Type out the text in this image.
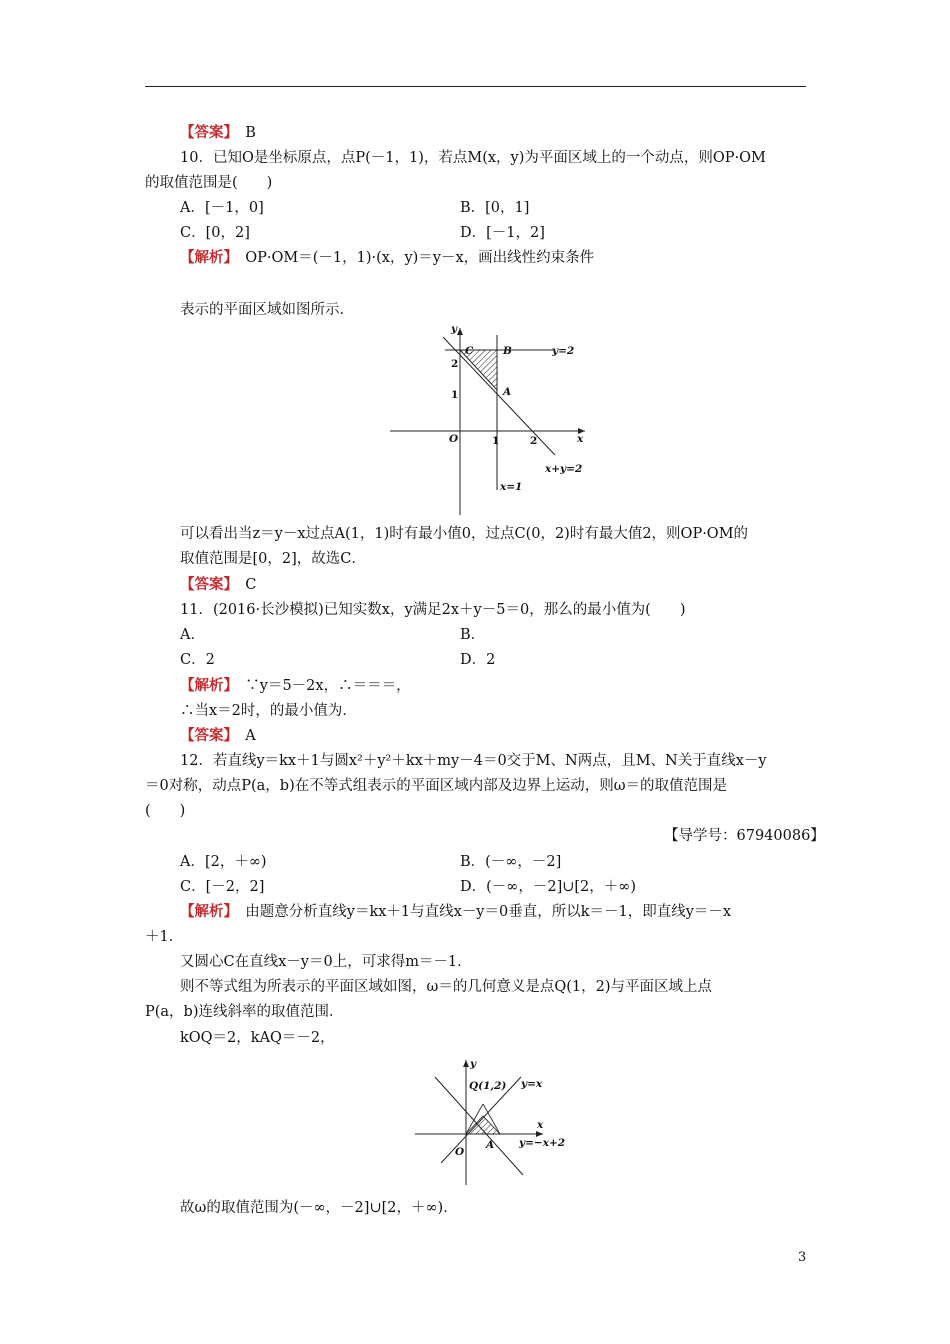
【答案】　B
10．已知O是坐标原点，点P(－1，1)，若点M(x，y)为平面区域上的一个动点，则OP·OM
的取值范围是(　　)
A．[－1，0]	B．[0，1]
C．[0，2]	D．[－1，2]
【解析】　OP·OM＝(－1，1)·(x，y)＝y－x，画出线性约束条件
表示的平面区域如图所示．
可以看出当z＝y－x过点A(1，1)时有最小值0，过点C(0，2)时有最大值2，则OP·OM的
取值范围是[0，2]，故选C．
【答案】　C
11．(2016·长沙模拟)已知实数x，y满足2x＋y－5＝0，那么的最小值为(　　)
A．	B．
C．2	D．2
【解析】　∵y＝5－2x，∴＝＝＝，
∴当x＝2时，的最小值为．
【答案】　A
12．若直线y＝kx＋1与圆x²＋y²＋kx＋my－4＝0交于M、N两点，且M、N关于直线x－y
＝0对称，动点P(a，b)在不等式组表示的平面区域内部及边界上运动，则ω＝的取值范围是
(　　)
【导学号：67940086】
A．[2，＋∞)	B．(－∞，－2]
C．[－2，2]	D．(－∞，－2]∪[2，＋∞)
【解析】　由题意分析直线y＝kx＋1与直线x－y＝0垂直，所以k＝－1，即直线y＝－x
＋1．
又圆心C在直线x－y＝0上，可求得m＝－1．
则不等式组为所表示的平面区域如图，ω＝的几何意义是点Q(1，2)与平面区域上点
P(a，b)连线斜率的取值范围．
kOQ＝2，kAQ＝－2，
故ω的取值范围为(－∞，－2]∪[2，＋∞)．
y
x
C	B
A
O	1	2
1
2
y=2
x+y=2
x=1
y
x
Q(1,2)
A
O
y=x
y=−x+2
3
